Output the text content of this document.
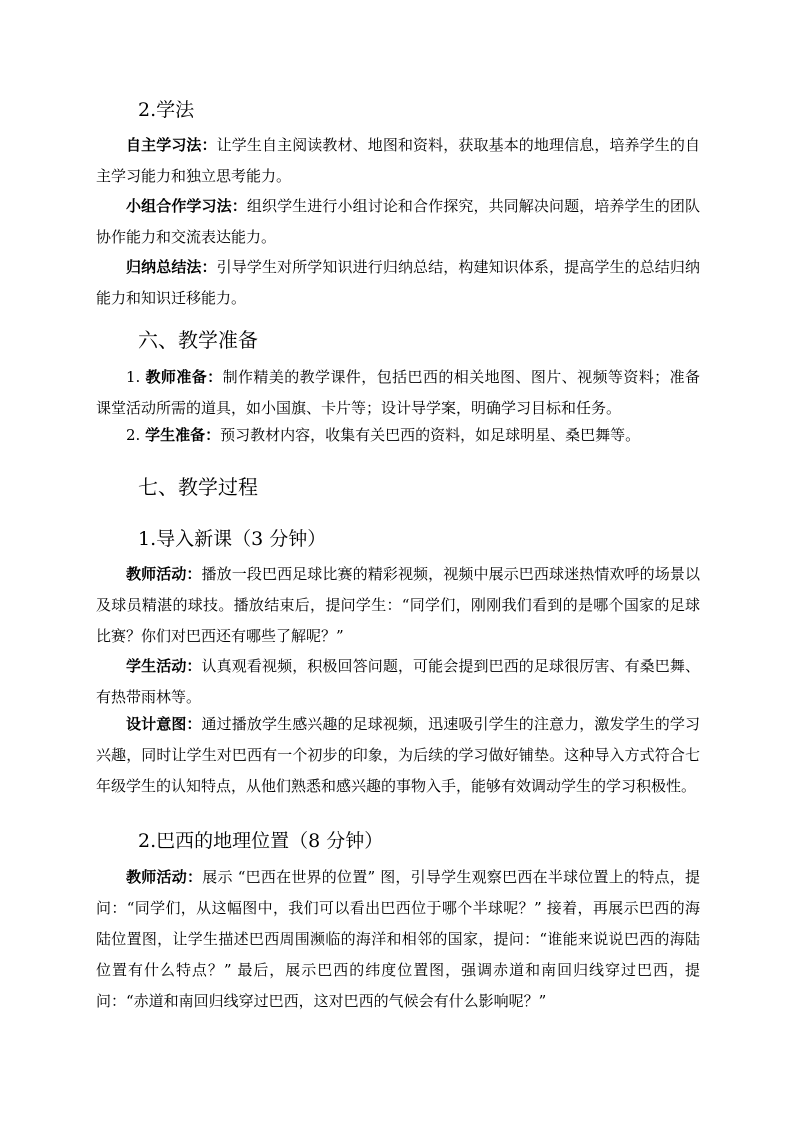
2.学法

自主学习法：让学生自主阅读教材、地图和资料，获取基本的地理信息，培养学生的自主学习能力和独立思考能力。

小组合作学习法：组织学生进行小组讨论和合作探究，共同解决问题，培养学生的团队协作能力和交流表达能力。

归纳总结法：引导学生对所学知识进行归纳总结，构建知识体系，提高学生的总结归纳能力和知识迁移能力。

六、教学准备

1. 教师准备：制作精美的教学课件，包括巴西的相关地图、图片、视频等资料；准备课堂活动所需的道具，如小国旗、卡片等；设计导学案，明确学习目标和任务。

2. 学生准备：预习教材内容，收集有关巴西的资料，如足球明星、桑巴舞等。

七、教学过程
1.导入新课（3 分钟）

教师活动：播放一段巴西足球比赛的精彩视频，视频中展示巴西球迷热情欢呼的场景以及球员精湛的球技。播放结束后，提问学生：“同学们，刚刚我们看到的是哪个国家的足球比赛？你们对巴西还有哪些了解呢？”

学生活动：认真观看视频，积极回答问题，可能会提到巴西的足球很厉害、有桑巴舞、有热带雨林等。

设计意图：通过播放学生感兴趣的足球视频，迅速吸引学生的注意力，激发学生的学习兴趣，同时让学生对巴西有一个初步的印象，为后续的学习做好铺垫。这种导入方式符合七年级学生的认知特点，从他们熟悉和感兴趣的事物入手，能够有效调动学生的学习积极性。

2.巴西的地理位置（8 分钟）

教师活动：展示 “巴西在世界的位置” 图，引导学生观察巴西在半球位置上的特点，提问：“同学们，从这幅图中，我们可以看出巴西位于哪个半球呢？” 接着，再展示巴西的海陆位置图，让学生描述巴西周围濒临的海洋和相邻的国家，提问：“谁能来说说巴西的海陆位置有什么特点？” 最后，展示巴西的纬度位置图，强调赤道和南回归线穿过巴西，提问：“赤道和南回归线穿过巴西，这对巴西的气候会有什么影响呢？”
